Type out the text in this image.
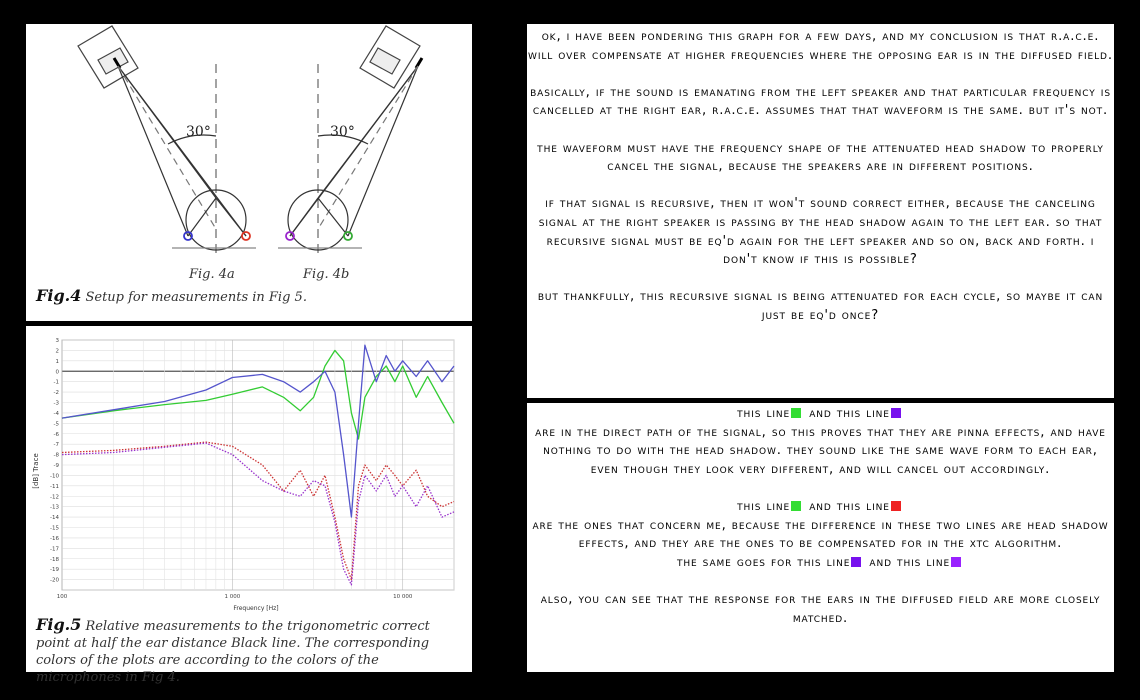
30°	30°
Fig. 4a	Fig. 4b
Fig.4 Setup for measurements in Fig 5.
3
2
1
0
-1
-2
-3
-4
-5
-6
-7
-8
-9
-10
-11
-12
-13
-14
-15
-16
-17
-18
-19
-20
100	1 000	10 000
[dB] Trace
Frequency [Hz]
Fig.5 Relative measurements to the trigonometric correct point at half the ear distance Black line. The corresponding colors of the plots are according to the colors of the microphones in Fig 4.

ok, i have been pondering this graph for a few days, and my conclusion is that r.a.c.e. will over compensate at higher frequencies where the opposing ear is in the diffused field.

basically, if the sound is emanating from the left speaker and that particular frequency is cancelled at the right ear, r.a.c.e. assumes that that waveform is the same. but it's not.

the waveform must have the frequency shape of the attenuated head shadow to properly cancel the signal, because the speakers are in different positions.

if that signal is recursive, then it won't sound correct either, because the canceling signal at the right speaker is passing by the head shadow again to the left ear. so that recursive signal must be eq'd again for the left speaker and so on, back and forth. i don't know if this is possible?

but thankfully, this recursive signal is being attenuated for each cycle, so maybe it can just be eq'd once?

this line and this line
are in the direct path of the signal, so this proves that they are pinna effects, and have nothing to do with the head shadow. they sound like the same wave form to each ear, even though they look very different, and will cancel out accordingly.

this line and this line
are the ones that concern me, because the difference in these two lines are head shadow effects, and they are the ones to be compensated for in the xtc algorithm.
the same goes for this line and this line

also, you can see that the response for the ears in the diffused field are more closely matched.
